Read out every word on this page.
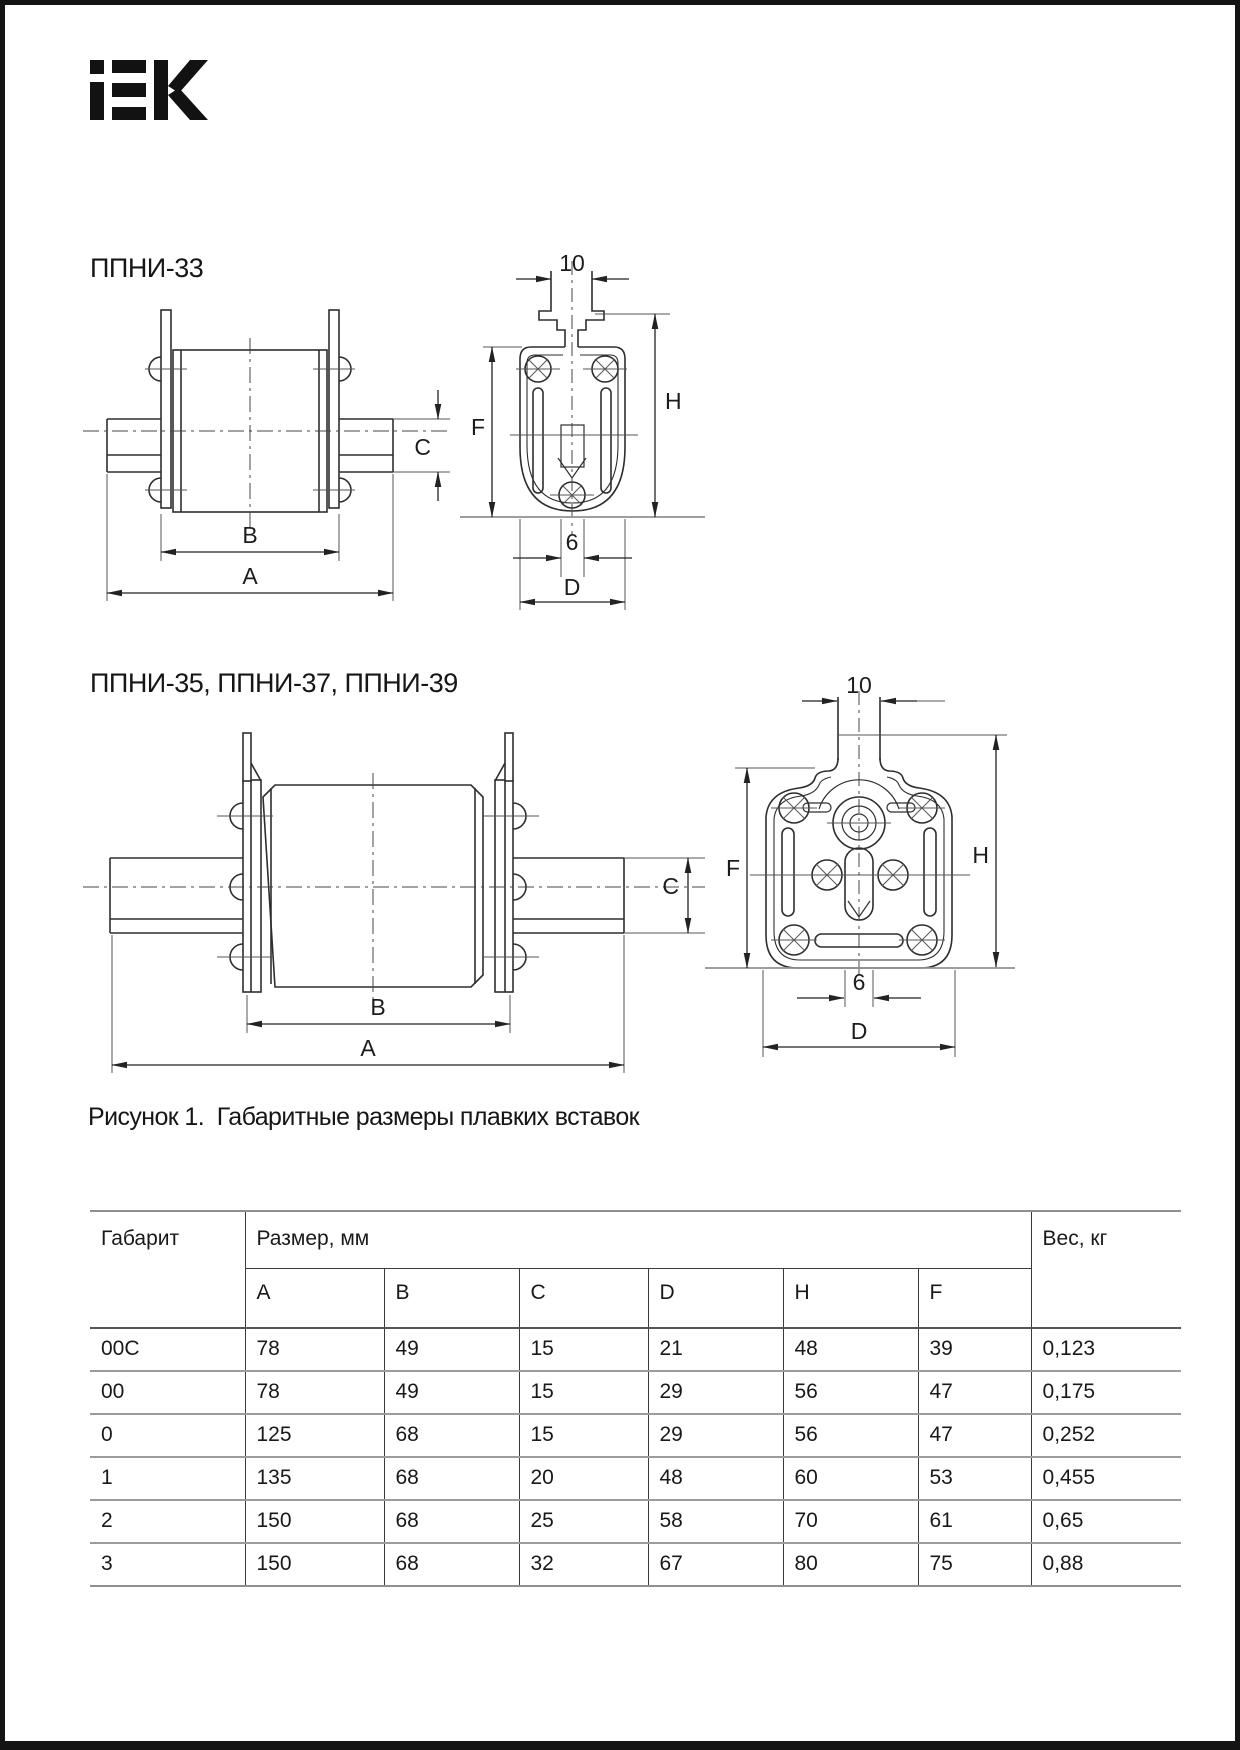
ППНИ-33
ППНИ-35, ППНИ-37, ППНИ-39
Рисунок 1.  Габаритные размеры плавких вставок
C
B
A
10
F
H
6
D
C
B
A
10
F	H
6
D
Габарит	Размер, мм						Вес, кг
	A	B	C	D	H	F	
00C	78	49	15	21	48	39	0,123
00	78	49	15	29	56	47	0,175
0	125	68	15	29	56	47	0,252
1	135	68	20	48	60	53	0,455
2	150	68	25	58	70	61	0,65
3	150	68	32	67	80	75	0,88
